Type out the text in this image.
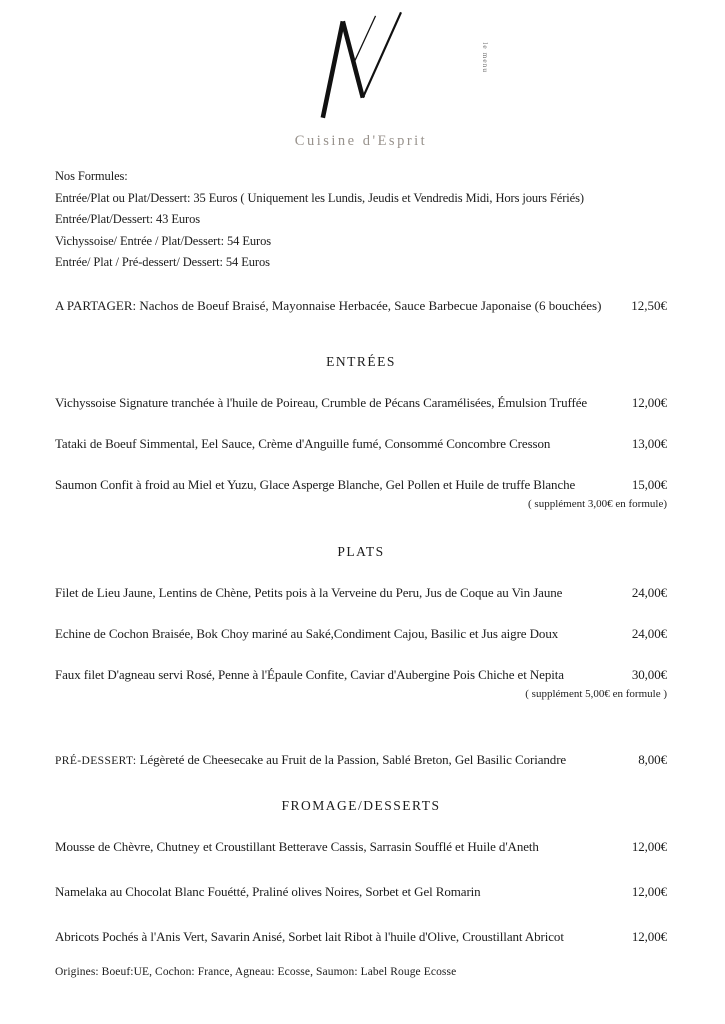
le menu
Cuisine d'Esprit
Nos Formules:
Entrée/Plat ou Plat/Dessert: 35 Euros ( Uniquement les Lundis, Jeudis et Vendredis Midi, Hors jours Fériés)
Entrée/Plat/Dessert: 43 Euros
Vichyssoise/ Entrée / Plat/Dessert: 54 Euros
Entrée/ Plat / Pré-dessert/ Dessert: 54 Euros

A PARTAGER: Nachos de Boeuf Braisé, Mayonnaise Herbacée, Sauce Barbecue Japonaise (6 bouchées) 12,50€

ENTRÉES
Vichyssoise Signature tranchée à l'huile de Poireau, Crumble de Pécans Caramélisées, Émulsion Truffée	12,00€
Tataki de Boeuf Simmental, Eel Sauce, Crème d'Anguille fumé, Consommé Concombre Cresson	13,00€
Saumon Confit à froid au Miel et Yuzu, Glace Asperge Blanche, Gel Pollen et Huile de truffe Blanche	15,00€
( supplément 3,00€ en formule)
PLATS
Filet de Lieu Jaune, Lentins de Chène, Petits pois à la Verveine du Peru, Jus de Coque au Vin Jaune	24,00€
Echine de Cochon Braisée, Bok Choy mariné au Saké,Condiment Cajou, Basilic et Jus aigre Doux	24,00€
Faux filet D'agneau servi Rosé, Penne à l'Épaule Confite, Caviar d'Aubergine Pois Chiche et Nepita	30,00€
( supplément 5,00€ en formule )
PRÉ-DESSERT: Légèreté de Cheesecake au Fruit de la Passion, Sablé Breton, Gel Basilic Coriandre	8,00€
FROMAGE/DESSERTS
Mousse de Chèvre, Chutney et Croustillant Betterave Cassis, Sarrasin Soufflé et Huile d'Aneth	12,00€
Namelaka au Chocolat Blanc Fouétté, Praliné olives Noires, Sorbet et Gel Romarin	12,00€
Abricots Pochés à l'Anis Vert, Savarin Anisé, Sorbet lait Ribot à l'huile d'Olive, Croustillant Abricot	12,00€
Origines: Boeuf:UE, Cochon: France, Agneau: Ecosse, Saumon: Label Rouge Ecosse
